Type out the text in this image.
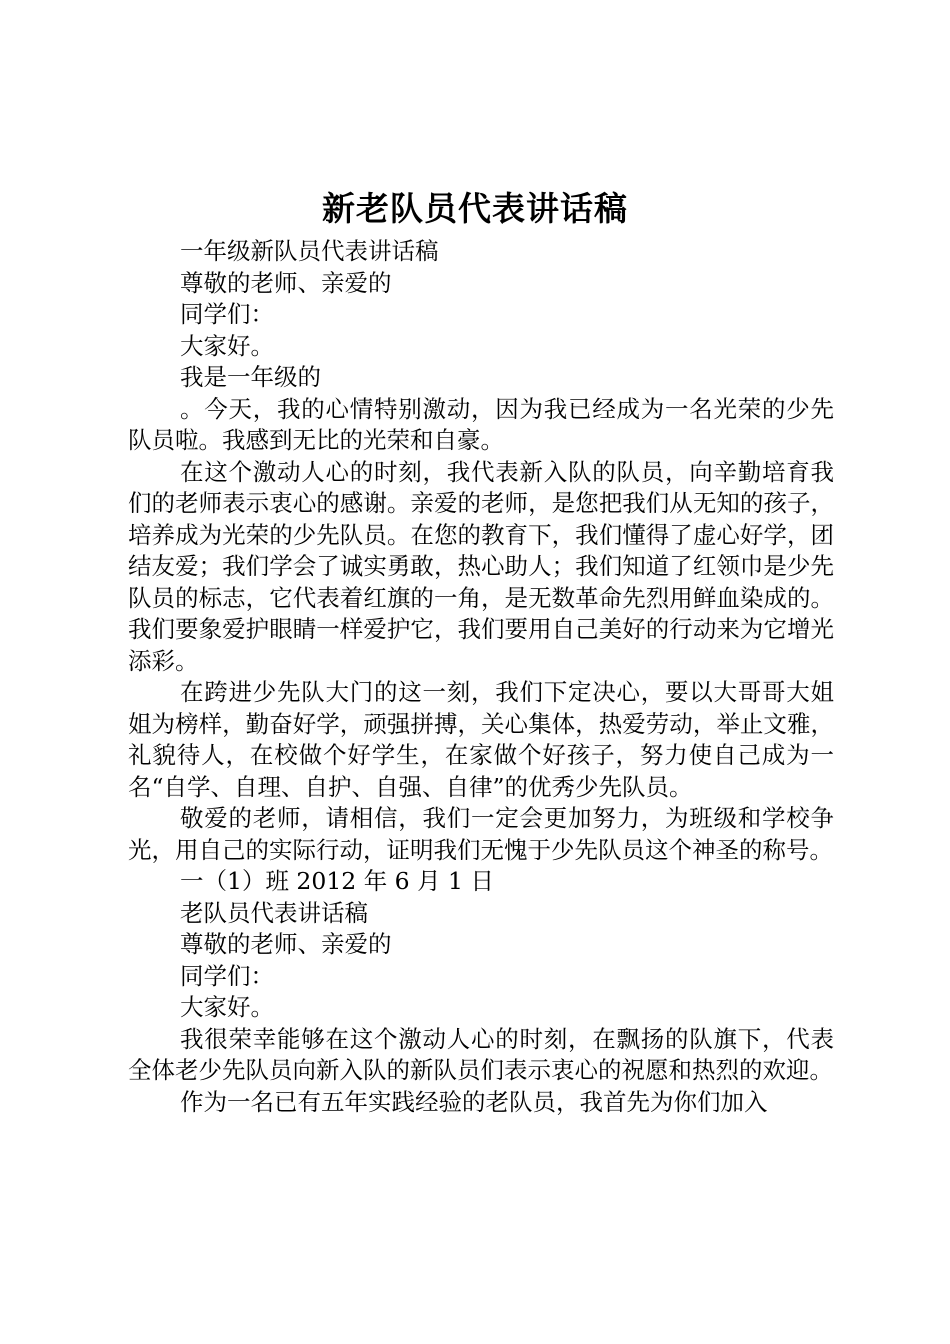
新老队员代表讲话稿

一年级新队员代表讲话稿

尊敬的老师、亲爱的

同学们：

大家好。

我是一年级的

。今天，我的心情特别激动，因为我已经成为一名光荣的少先队员啦。我感到无比的光荣和自豪。

在这个激动人心的时刻，我代表新入队的队员，向辛勤培育我们的老师表示衷心的感谢。亲爱的老师，是您把我们从无知的孩子，培养成为光荣的少先队员。在您的教育下，我们懂得了虚心好学，团结友爱；我们学会了诚实勇敢，热心助人；我们知道了红领巾是少先队员的标志，它代表着红旗的一角，是无数革命先烈用鲜血染成的。我们要象爱护眼睛一样爱护它，我们要用自己美好的行动来为它增光添彩。

在跨进少先队大门的这一刻，我们下定决心，要以大哥哥大姐姐为榜样，勤奋好学，顽强拼搏，关心集体，热爱劳动，举止文雅，礼貌待人，在校做个好学生，在家做个好孩子，努力使自己成为一名“自学、自理、自护、自强、自律”的优秀少先队员。

敬爱的老师，请相信，我们一定会更加努力，为班级和学校争光，用自己的实际行动，证明我们无愧于少先队员这个神圣的称号。

一（1）班 2012 年 6 月 1 日

老队员代表讲话稿

尊敬的老师、亲爱的

同学们：

大家好。

我很荣幸能够在这个激动人心的时刻，在飘扬的队旗下，代表全体老少先队员向新入队的新队员们表示衷心的祝愿和热烈的欢迎。

作为一名已有五年实践经验的老队员，我首先为你们加入
